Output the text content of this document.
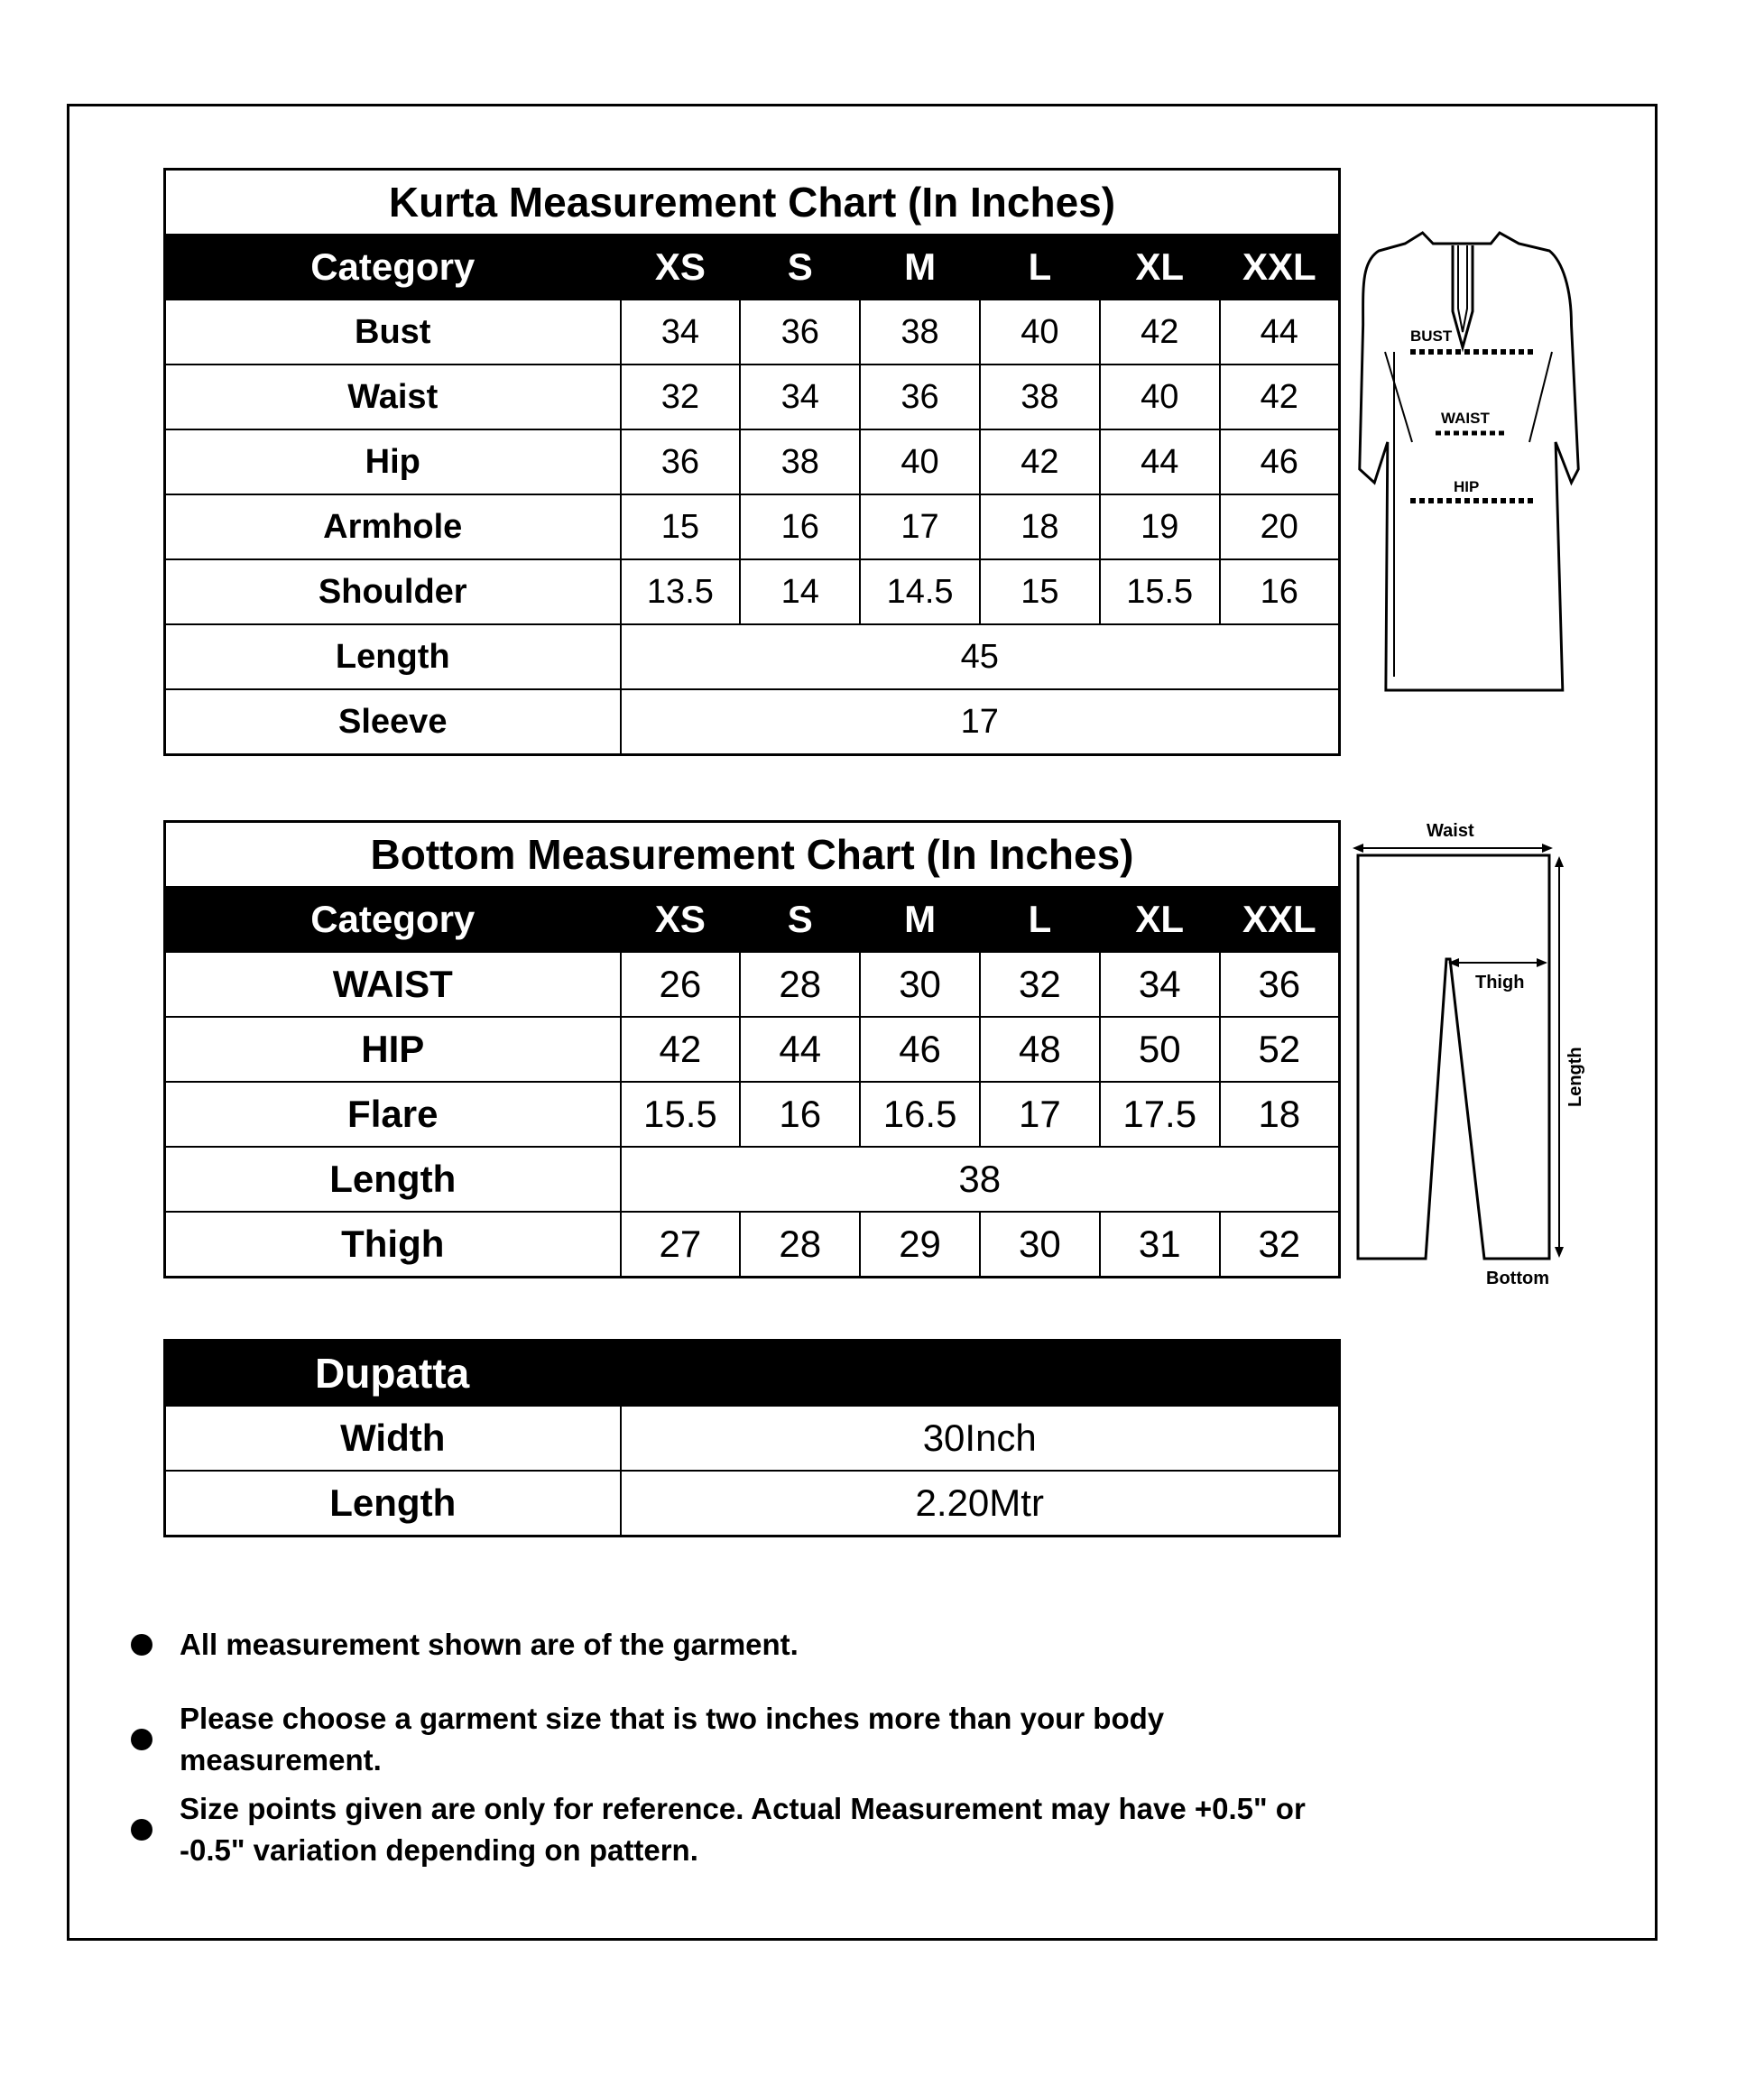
Kurta Measurement Chart (In Inches)						
Category	XS	S	M	L	XL	XXL
Bust	34	36	38	40	42	44
Waist	32	34	36	38	40	42
Hip	36	38	40	42	44	46
Armhole	15	16	17	18	19	20
Shoulder	13.5	14	14.5	15	15.5	16
Length	45					
Sleeve	17					
BUST
WAIST
HIP
Bottom Measurement Chart (In Inches)						
Category	XS	S	M	L	XL	XXL
WAIST	26	28	30	32	34	36
HIP	42	44	46	48	50	52
Flare	15.5	16	16.5	17	17.5	18
Length	38					
Thigh	27	28	29	30	31	32
Waist
Thigh
Length
Bottom
Dupatta	
Width	30Inch
Length	2.20Mtr
All measurement shown are of the garment.
Please choose a garment size that is two inches more than your body measurement.
Size points given are only for reference. Actual Measurement may have +0.5" or -0.5" variation depending on pattern.
